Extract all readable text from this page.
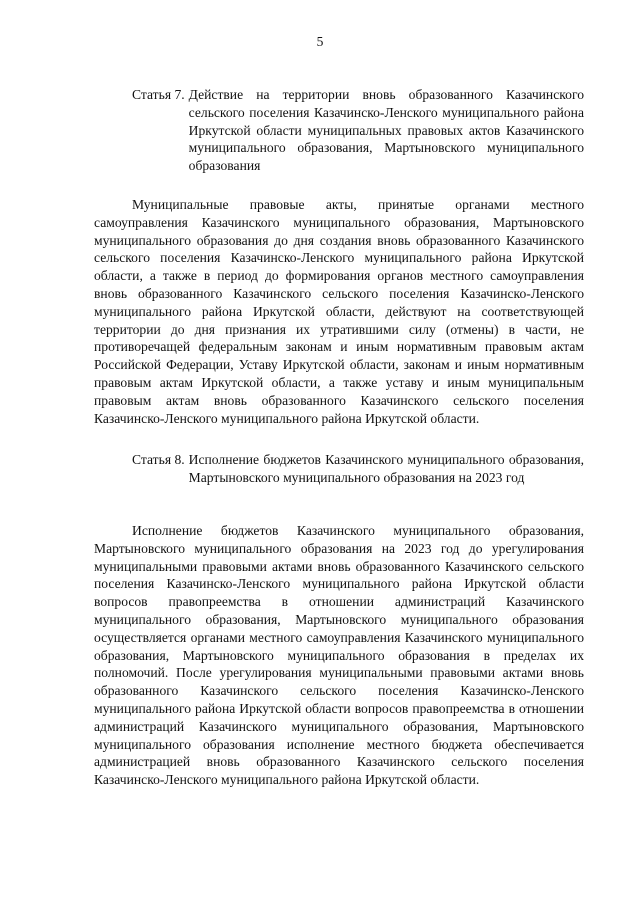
5
Статья 7. Действие на территории вновь образованного Казачинского сельского поселения Казачинско-Ленского муниципального района Иркутской области муниципальных правовых актов Казачинского муниципального образования, Мартыновского муниципального образования

Муниципальные правовые акты, принятые органами местного самоуправления Казачинского муниципального образования, Мартыновского муниципального образования до дня создания вновь образованного Казачинского сельского поселения Казачинско-Ленского муниципального района Иркутской области, а также в период до формирования органов местного самоуправления вновь образованного Казачинского сельского поселения Казачинско-Ленского муниципального района Иркутской области, действуют на соответствующей территории до дня признания их утратившими силу (отмены) в части, не противоречащей федеральным законам и иным нормативным правовым актам Российской Федерации, Уставу Иркутской области, законам и иным нормативным правовым актам Иркутской области, а также уставу и иным муниципальным правовым актам вновь образованного Казачинского сельского поселения Казачинско-Ленского муниципального района Иркутской области.

Статья 8. Исполнение бюджетов Казачинского муниципального образования, Мартыновского муниципального образования на 2023 год

Исполнение бюджетов Казачинского муниципального образования, Мартыновского муниципального образования на 2023 год до урегулирования муниципальными правовыми актами вновь образованного Казачинского сельского поселения Казачинско-Ленского муниципального района Иркутской области вопросов правопреемства в отношении администраций Казачинского муниципального образования, Мартыновского муниципального образования осуществляется органами местного самоуправления Казачинского муниципального образования, Мартыновского муниципального образования в пределах их полномочий. После урегулирования муниципальными правовыми актами вновь образованного Казачинского сельского поселения Казачинско-Ленского муниципального района Иркутской области вопросов правопреемства в отношении администраций Казачинского муниципального образования, Мартыновского муниципального образования исполнение местного бюджета обеспечивается администрацией вновь образованного Казачинского сельского поселения Казачинско-Ленского муниципального района Иркутской области.
